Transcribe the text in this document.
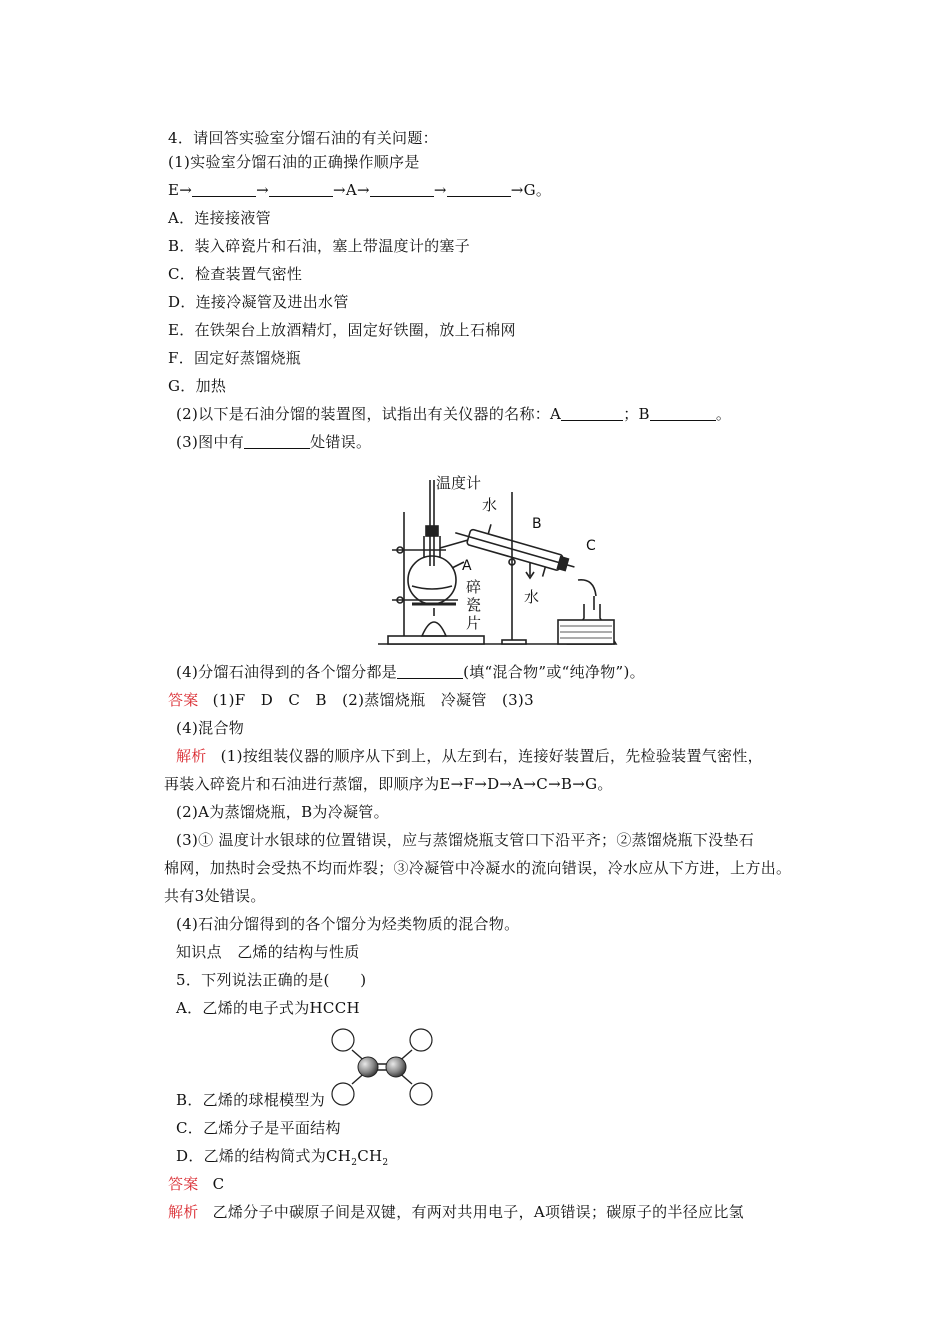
4．请回答实验室分馏石油的有关问题：
(1)实验室分馏石油的正确操作顺序是
E→	→	→A→	→	→G。
A．连接接液管
B．装入碎瓷片和石油，塞上带温度计的塞子
C．检查装置气密性
D．连接冷凝管及进出水管
E．在铁架台上放酒精灯，固定好铁圈，放上石棉网
F．固定好蒸馏烧瓶
G．加热
(2)以下是石油分馏的装置图，试指出有关仪器的名称：A	；B	。
(3)图中有	处错误。
温度计
水
B
C
A
碎
瓷
片
水
(4)分馏石油得到的各个馏分都是	(填“混合物”或“纯净物”)。
答案 (1)F　D　C　B　(2)蒸馏烧瓶　冷凝管　(3)3
(4)混合物
解析 (1)按组装仪器的顺序从下到上，从左到右，连接好装置后，先检验装置气密性，
再装入碎瓷片和石油进行蒸馏，即顺序为E→F→D→A→C→B→G。
(2)A为蒸馏烧瓶，B为冷凝管。
(3)① 温度计水银球的位置错误，应与蒸馏烧瓶支管口下沿平齐；②蒸馏烧瓶下没垫石
棉网，加热时会受热不均而炸裂；③冷凝管中冷凝水的流向错误，冷水应从下方进，上方出。
共有3处错误。
(4)石油分馏得到的各个馏分为烃类物质的混合物。
知识点　乙烯的结构与性质
5．下列说法正确的是(　　)
A．乙烯的电子式为HCCH
B．乙烯的球棍模型为
C．乙烯分子是平面结构
D．乙烯的结构简式为$CH_2CH_2$
答案 C
解析 乙烯分子中碳原子间是双键，有两对共用电子，A项错误；碳原子的半径应比氢
